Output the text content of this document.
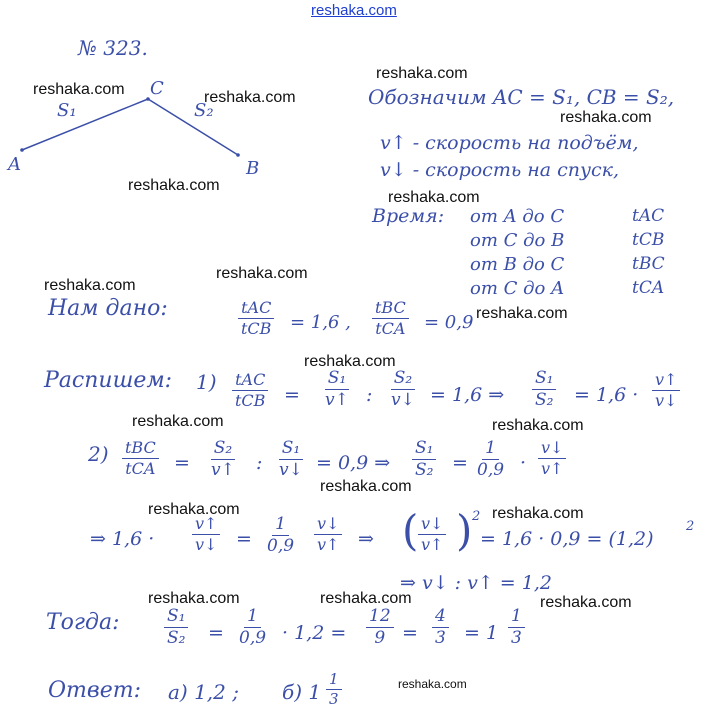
reshaka.com
№ 323.
A	B
C
S₁	S₂
Обозначим AC = S₁, CB = S₂,
v↑ - скорость на подъём,
v↓ - скорость на спуск,
Время: от A до C	tAC
от C до B	tCB
от B до C	tBC
от C до A	tCA
Нам дано:	tAC
tCB = 1,6 ,
tBC
tCA = 0,9
Распишем: 1) tAC
tCB = $\frac{\text{S₁}}{v↑}$ : $\frac{\text{S₂}}{v↓} = 1,6$ ⇒ $\frac{\text{S₁}}{\text{S₂}} = 1,6 \cdot \frac{v↑}{v↓}$
2) tBC
tCA = $\frac{\text{S₂}}{v↑}$ : $\frac{\text{S₁}}{v↓} = 0,9$ ⇒ $\frac{\text{S₁}}{\text{S₂}} = \frac{1}{0,9} \cdot \frac{v↓}{v↑}$
⇒ $1,6 \cdot \frac{v↑}{v↓} = \frac{1}{0,9} \frac{v↓}{v↑}$ ⇒ ( $\frac{v↓}{v↑}$ ) 2
= 1,6 · 0,9 = (1,2)
2
⇒ v↓ : v↑ = 1,2
Тогда:	$\frac{\text{S₁}}{\text{S₂}} = \frac{1}{0,9} \cdot 1,2 = \frac{12}{9} = \frac{4}{3} = 1 \frac{1}{3}$
Ответ: а) 1,2 ; б) $1 \frac{1}{3}$
reshaka.com	reshaka.com
reshaka.com
reshaka.com
reshaka.com
reshaka.com
reshaka.com
reshaka.com
reshaka.com
reshaka.com
reshaka.com	reshaka.com
reshaka.com
reshaka.com	reshaka.com
reshaka.com	reshaka.com	reshaka.com
reshaka.com
